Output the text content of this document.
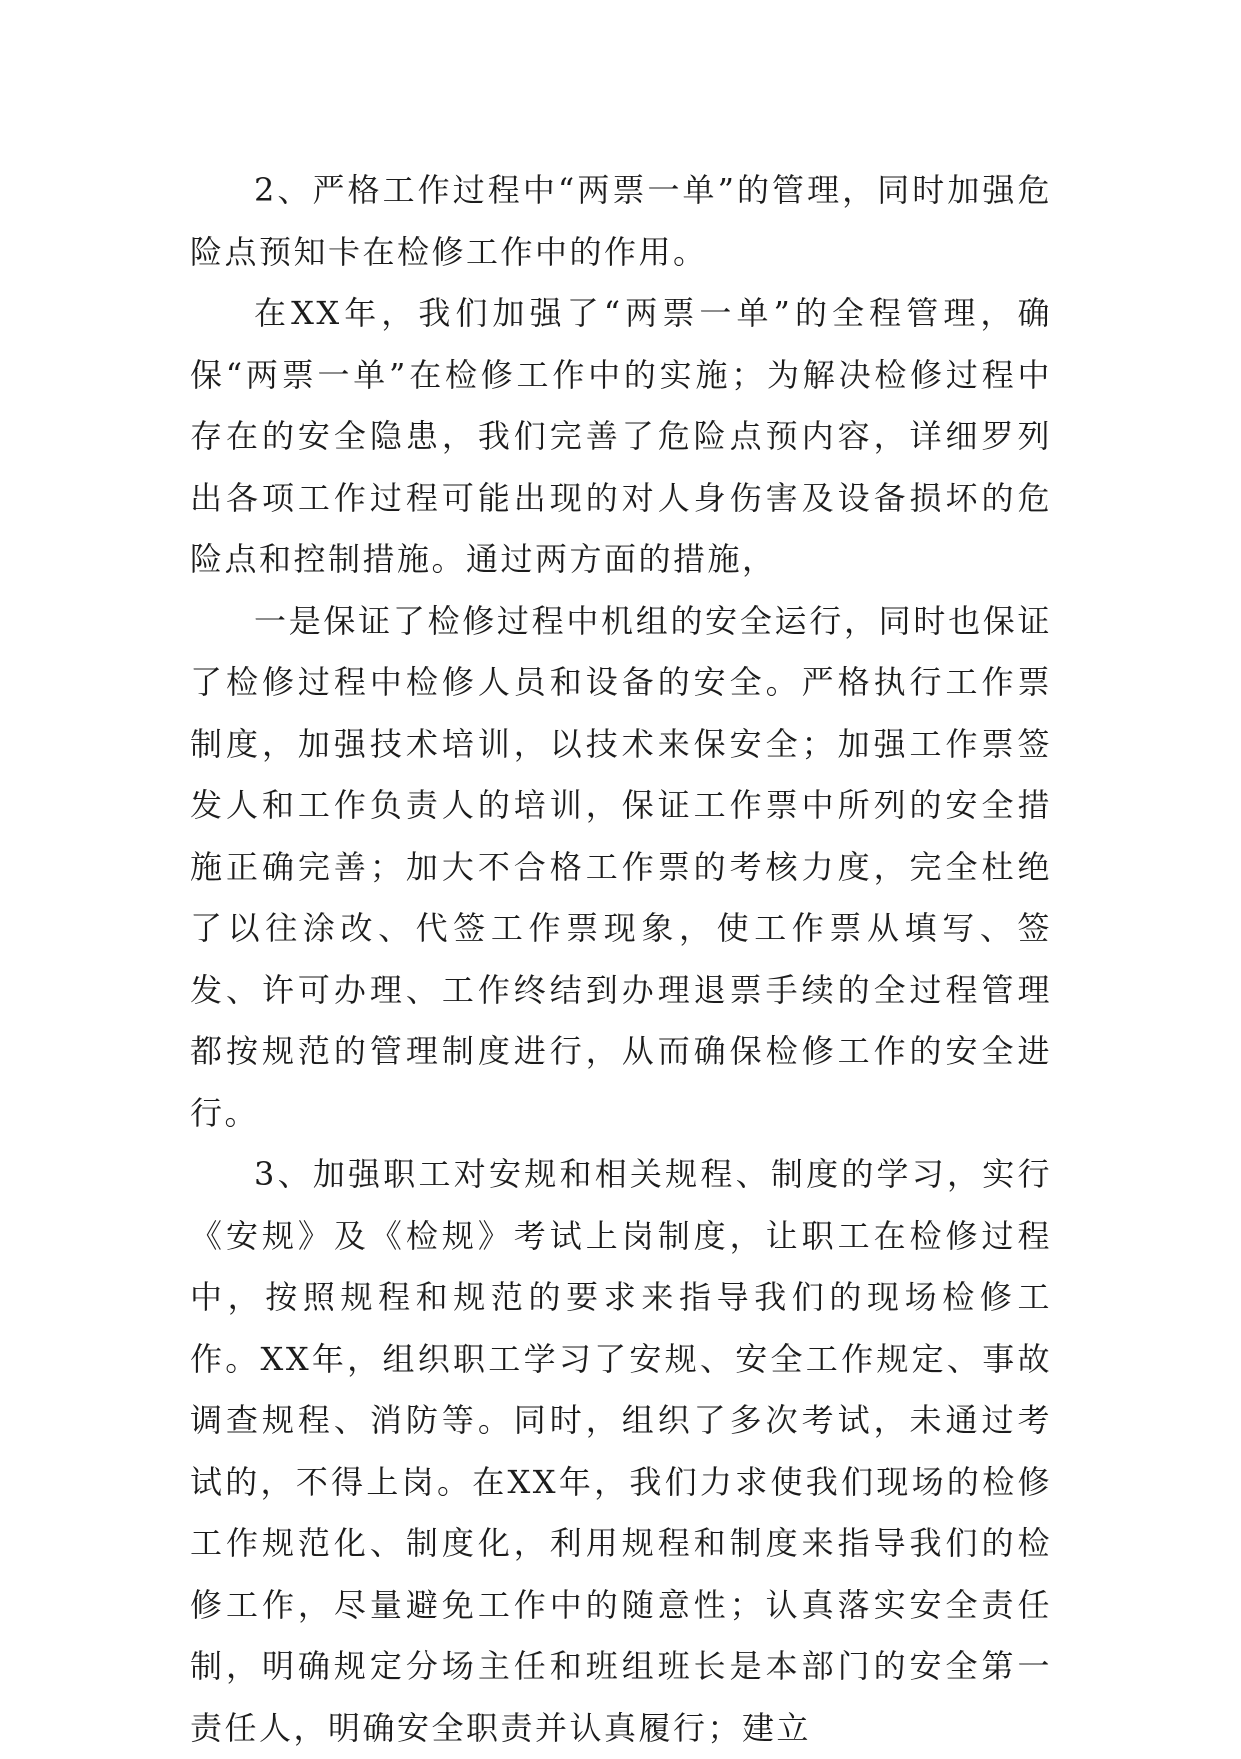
2、严格工作过程中“两票一单”的管理，同时加强危险点预知卡在检修工作中的作用。

在XX年，我们加强了“两票一单”的全程管理，确保“两票一单”在检修工作中的实施；为解决检修过程中存在的安全隐患，我们完善了危险点预内容，详细罗列出各项工作过程可能出现的对人身伤害及设备损坏的危险点和控制措施。通过两方面的措施，

一是保证了检修过程中机组的安全运行，同时也保证了检修过程中检修人员和设备的安全。严格执行工作票制度，加强技术培训，以技术来保安全；加强工作票签发人和工作负责人的培训，保证工作票中所列的安全措施正确完善；加大不合格工作票的考核力度，完全杜绝了以往涂改、代签工作票现象，使工作票从填写、签发、许可办理、工作终结到办理退票手续的全过程管理都按规范的管理制度进行，从而确保检修工作的安全进行。

3、加强职工对安规和相关规程、制度的学习，实行《安规》及《检规》考试上岗制度，让职工在检修过程中，按照规程和规范的要求来指导我们的现场检修工作。XX年，组织职工学习了安规、安全工作规定、事故调查规程、消防等。同时，组织了多次考试，未通过考试的，不得上岗。在XX年，我们力求使我们现场的检修工作规范化、制度化，利用规程和制度来指导我们的检修工作，尽量避免工作中的随意性；认真落实安全责任制，明确规定分场主任和班组班长是本部门的安全第一责任人，明确安全职责并认真履行；建立
